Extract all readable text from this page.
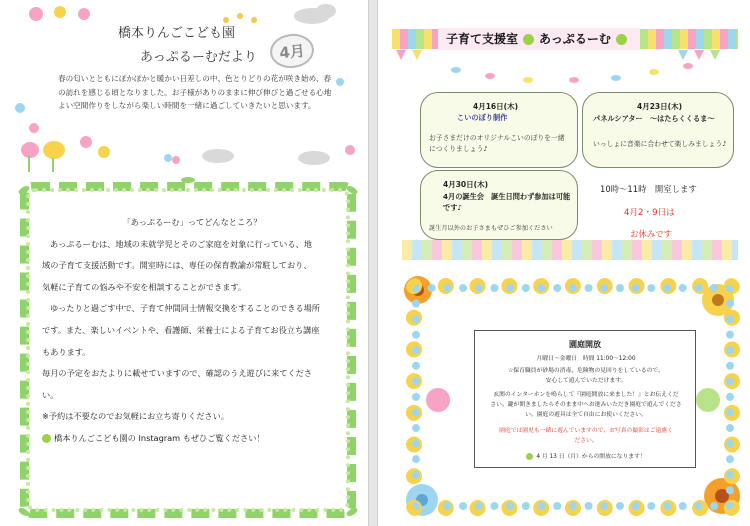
橋本りんごこども園
あっぷるーむだより	4月
春の匂いとともにぽかぽかと暖かい日差しの中、色とりどりの花が咲き始め、春の訪れを感じる頃となりました。お子様がありのままに伸び伸びと過ごせる心地よい空間作りをしながら楽しい時間を一緒に過ごしていきたいと思います。

「あっぷるーむ」ってどんなところ？

あっぷるーむは、地域の未就学児とそのご家庭を対象に行っている、地

域の子育て支援活動です。開室時には、専任の保育教諭が常駐しており、

気軽に子育ての悩みや不安を相談することができます。

ゆったりと過ごす中で、子育て仲間同士情報交換をすることのできる場所

です。また、楽しいイベントや、看護師、栄養士による子育てお役立ち講座

もあります。

毎月の予定をおたよりに載せていますので、確認のうえ遊びに来てくださ

い。

※予約は不要なのでお気軽にお立ち寄りください。

橋本りんごこども園の Instagram もぜひご覧ください！

子育て支援室 あっぷるーむ
4月16日(木)
こいのぼり制作
お子さまだけのオリジナルこいのぼりを一緒につくりましょう♪
4月23日(木)
パネルシアター　～はたらくくるま～
いっしょに音楽に合わせて楽しみましょう♪
4月30日(木)
4月の誕生会　誕生日問わず参加は可能です♪
誕生月以外のお子さまもぜひご参加ください
10時～11時　開室します
4月2・9日は
お休みです
園庭開放
月曜日～金曜日　時間 11:00～12:00
☆保育職員が砂場の消毒、危険物の見回りをしているので、
安心して遊んでいただけます。
玄関のインターホンを鳴らして『園庭開放に来ました！』とお伝えくだ
さい。鍵が開きましたらそのまま中へお進みいただき園庭で遊んでくださ
い。園庭の遊具は全て自由にお使いください。
園庭では園児も一緒に遊んでいますので、お写真の撮影はご遠慮く
ださい。
4 月 13 日（月）からの開放になります！
